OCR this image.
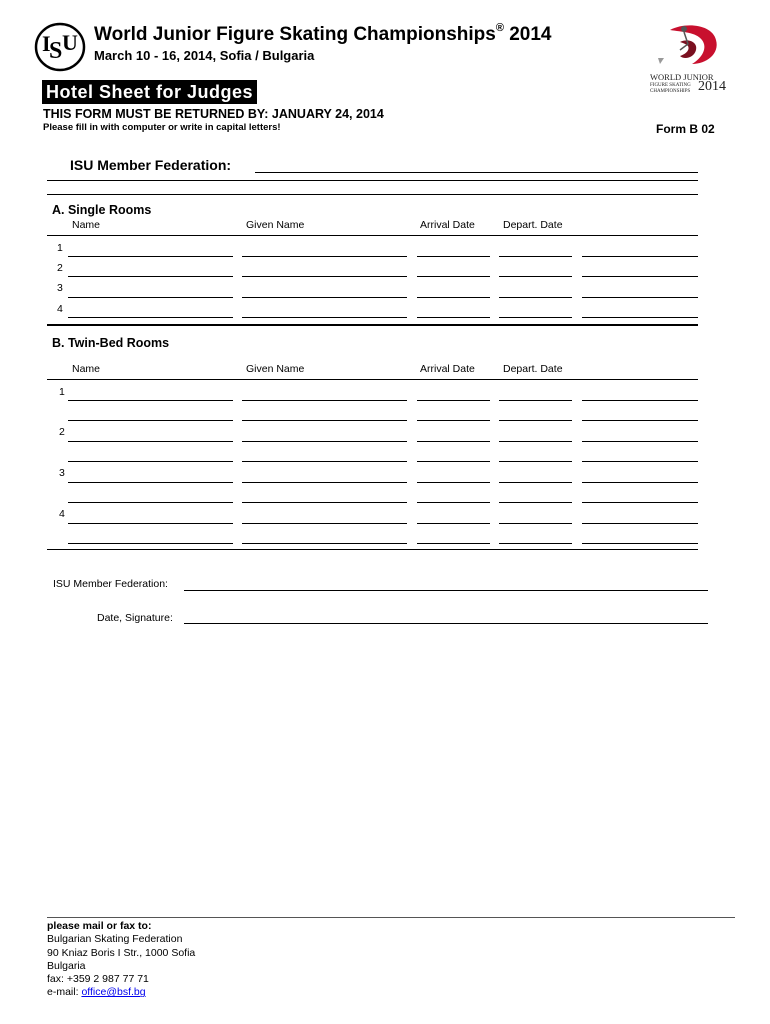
I
S U World Junior Figure Skating Championships® 2014
March 10 - 16, 2014, Sofia / Bulgaria
WORLD JUNIOR
FIGURE SKATING
CHAMPIONSHIPS 2014
Hotel Sheet for Judges
THIS FORM MUST BE RETURNED BY: JANUARY 24, 2014
Please fill in with computer or write in capital letters!	Form B 02
ISU Member Federation:
A. Single Rooms
Name	Given Name	Arrival Date	Depart. Date
1
2
3
4
B. Twin-Bed Rooms
Name	Given Name	Arrival Date	Depart. Date
1
2
3
4
ISU Member Federation:
Date, Signature:
please mail or fax to:
Bulgarian Skating Federation
90 Kniaz Boris I Str., 1000 Sofia
Bulgaria
fax: +359 2 987 77 71
e-mail: office@bsf.bg
